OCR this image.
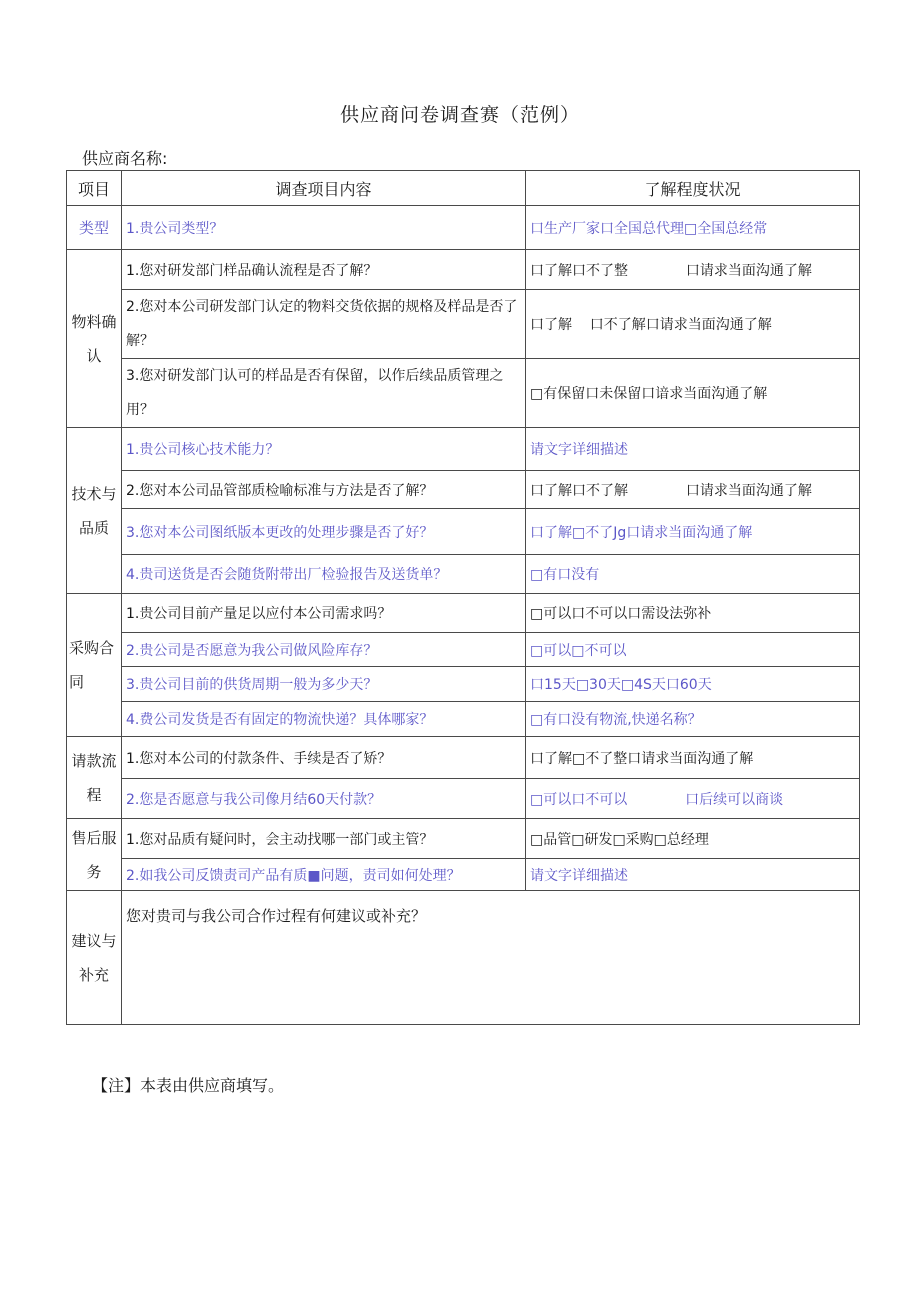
供应商问卷调查赛（范例）
供应商名称:
项目	调查项目内容	了解程度状况
类型	1.贵公司类型？	口生产厂家口全国总代理□全国总经常
物料确认	1.您对研发部门样品确认流程是否了解？	口了解口不了整             口请求当面沟通了解
	2.您对本公司研发部门认定的物料交货依据的规格及样品是否了解？	口了解    口不了解口请求当面沟通了解
	3.您对研发部门认可的样品是否有保留，以作后续品质管理之用？	□有保留口未保留口谙求当面沟通了解
技术与品质	1.贵公司核心技术能力？	请文字详细描述
	2.您对本公司品管部质检喻标准与方法是否了解？	口了解口不了解             口请求当面沟通了解
	3.您对本公司图纸版本更改的处理步骤是否了好？	口了解□不了Jg口请求当面沟通了解
	4.贵司送货是否会随货附带出厂检验报告及送货单？	□有口没有
采购合同	1.贵公司目前产量足以应付本公司需求吗？	□可以口不可以口需设法弥补
	2.贵公司是否愿意为我公司做风险库存？	□可以□不可以
	3.贵公司目前的供货周期一般为多少天？	口15天□30天□4S天口60天
	4.费公司发货是否有固定的物流快递？具体哪家？	□有口没有物流,快递名称？
请款流程	1.您对本公司的付款条件、手续是否了矫？	口了解□不了整口请求当面沟通了解
	2.您是否愿意与我公司像月结60天付款？	□可以口不可以             口后续可以商谈
售后服务	1.您对品质有疑问时，会主动找哪一部门或主管？	□品管□研发□采购□总经理
	2.如我公司反馈责司产品有质■问题，责司如何处理？	请文字详细描述
建议与补充	您对贵司与我公司合作过程有何建议或补充？	
【注】本表由供应商填写。
